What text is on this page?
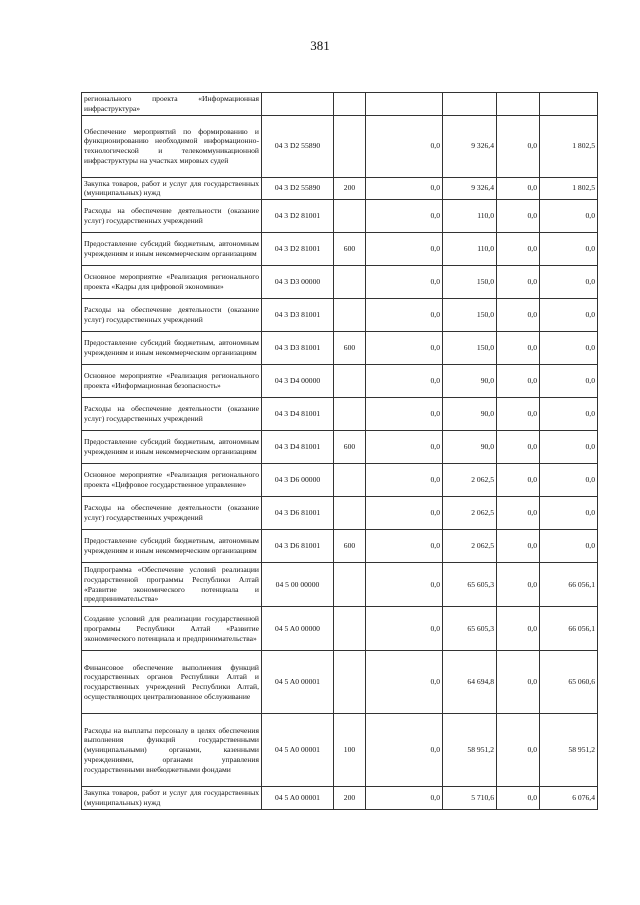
381
регионального проекта «Информационная инфраструктура»						
Обеспечение мероприятий по формированию и функционированию необходимой информационно-технологической и телекоммуникационной инфраструктуры на участках мировых судей	04 3 D2 55890		0,0	9 326,4	0,0	1 802,5
Закупка товаров, работ и услуг для государственных (муниципальных) нужд	04 3 D2 55890	200	0,0	9 326,4	0,0	1 802,5
Расходы на обеспечение деятельности (оказание услуг) государственных учреждений	04 3 D2 81001		0,0	110,0	0,0	0,0
Предоставление субсидий бюджетным, автономным учреждениям и иным некоммерческим организациям	04 3 D2 81001	600	0,0	110,0	0,0	0,0
Основное мероприятие «Реализация регионального проекта «Кадры для цифровой экономики»	04 3 D3 00000		0,0	150,0	0,0	0,0
Расходы на обеспечение деятельности (оказание услуг) государственных учреждений	04 3 D3 81001		0,0	150,0	0,0	0,0
Предоставление субсидий бюджетным, автономным учреждениям и иным некоммерческим организациям	04 3 D3 81001	600	0,0	150,0	0,0	0,0
Основное мероприятие «Реализация регионального проекта «Информационная безопасность»	04 3 D4 00000		0,0	90,0	0,0	0,0
Расходы на обеспечение деятельности (оказание услуг) государственных учреждений	04 3 D4 81001		0,0	90,0	0,0	0,0
Предоставление субсидий бюджетным, автономным учреждениям и иным некоммерческим организациям	04 3 D4 81001	600	0,0	90,0	0,0	0,0
Основное мероприятие «Реализация регионального проекта «Цифровое государственное управление»	04 3 D6 00000		0,0	2 062,5	0,0	0,0
Расходы на обеспечение деятельности (оказание услуг) государственных учреждений	04 3 D6 81001		0,0	2 062,5	0,0	0,0
Предоставление субсидий бюджетным, автономным учреждениям и иным некоммерческим организациям	04 3 D6 81001	600	0,0	2 062,5	0,0	0,0
Подпрограмма «Обеспечение условий реализации государственной программы Республики Алтай «Развитие экономического потенциала и предпринимательства»	04 5 00 00000		0,0	65 605,3	0,0	66 056,1
Создание условий для реализации государственной программы Республики Алтай «Развитие экономического потенциала и предпринимательства»	04 5 A0 00000		0,0	65 605,3	0,0	66 056,1
Финансовое обеспечение выполнения функций государственных органов Республики Алтай и государственных учреждений Республики Алтай, осуществляющих централизованное обслуживание	04 5 A0 00001		0,0	64 694,8	0,0	65 060,6
Расходы на выплаты персоналу в целях обеспечения выполнения функций государственными (муниципальными) органами, казенными учреждениями, органами управления государственными внебюджетными фондами	04 5 A0 00001	100	0,0	58 951,2	0,0	58 951,2
Закупка товаров, работ и услуг для государственных (муниципальных) нужд	04 5 A0 00001	200	0,0	5 710,6	0,0	6 076,4
